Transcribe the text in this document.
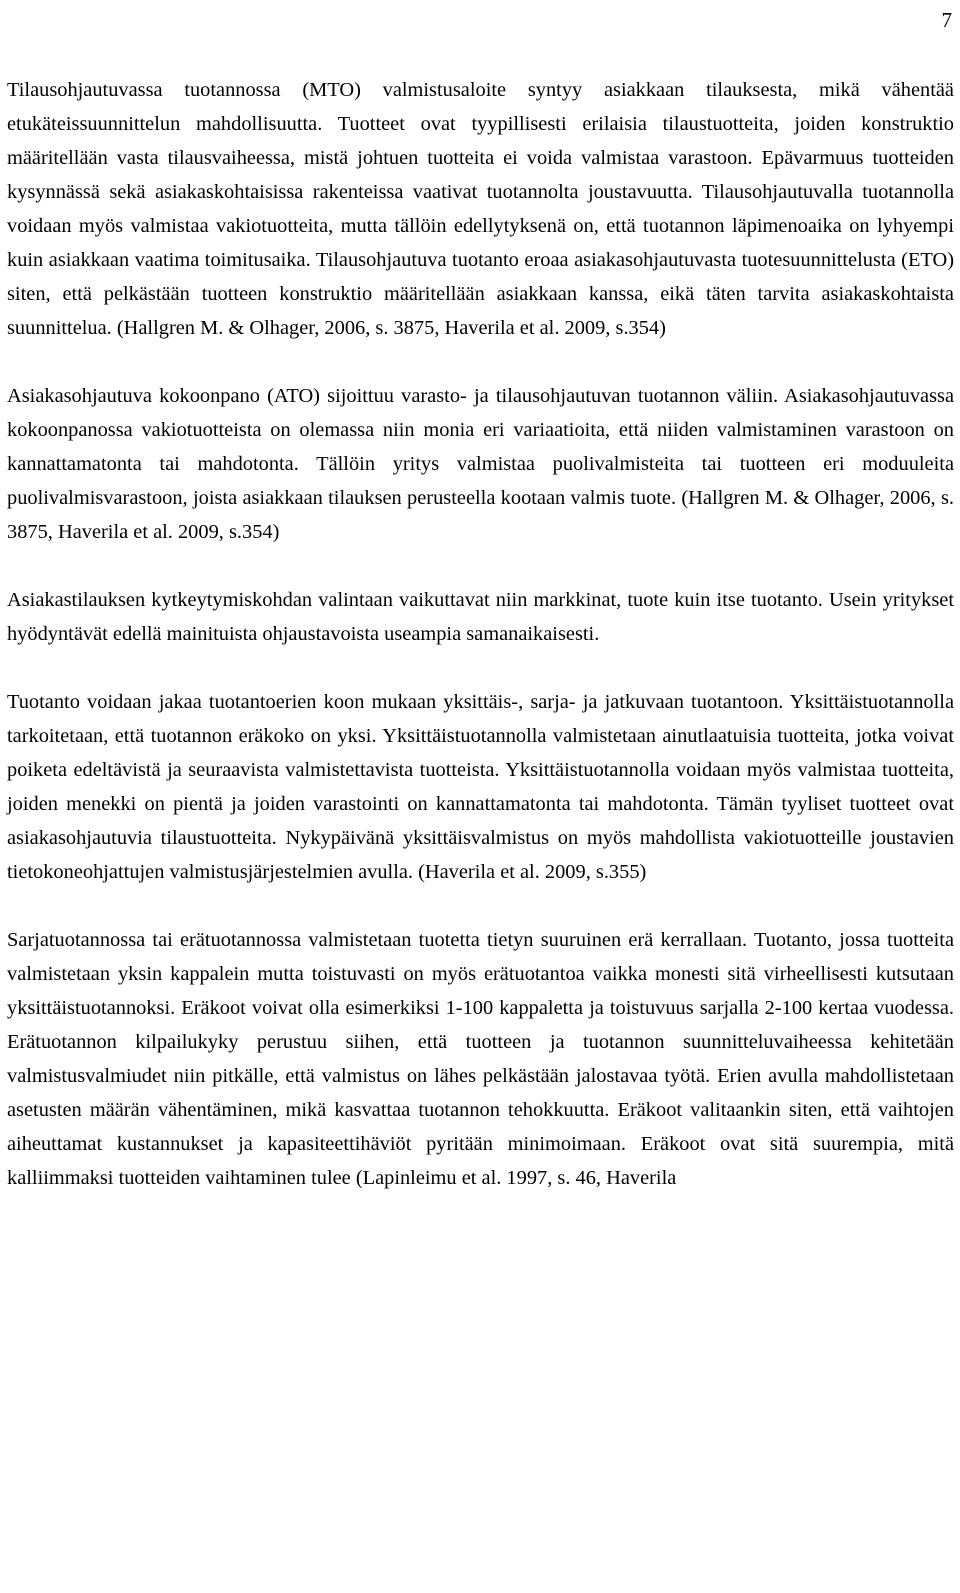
7

Tilausohjautuvassa tuotannossa (MTO) valmistusaloite syntyy asiakkaan tilauksesta, mikä vähentää etukäteissuunnittelun mahdollisuutta. Tuotteet ovat tyypillisesti erilaisia tilaustuotteita, joiden konstruktio määritellään vasta tilausvaiheessa, mistä johtuen tuotteita ei voida valmistaa varastoon. Epävarmuus tuotteiden kysynnässä sekä asiakaskohtaisissa rakenteissa vaativat tuotannolta joustavuutta. Tilausohjautuvalla tuotannolla voidaan myös valmistaa vakiotuotteita, mutta tällöin edellytyksenä on, että tuotannon läpimenoaika on lyhyempi kuin asiakkaan vaatima toimitusaika. Tilausohjautuva tuotanto eroaa asiakasohjautuvasta tuotesuunnittelusta (ETO) siten, että pelkästään tuotteen konstruktio määritellään asiakkaan kanssa, eikä täten tarvita asiakaskohtaista suunnittelua. (Hallgren M. & Olhager, 2006, s. 3875, Haverila et al. 2009, s.354)

Asiakasohjautuva kokoonpano (ATO) sijoittuu varasto- ja tilausohjautuvan tuotannon väliin. Asiakasohjautuvassa kokoonpanossa vakiotuotteista on olemassa niin monia eri variaatioita, että niiden valmistaminen varastoon on kannattamatonta tai mahdotonta. Tällöin yritys valmistaa puolivalmisteita tai tuotteen eri moduuleita puolivalmisvarastoon, joista asiakkaan tilauksen perusteella kootaan valmis tuote. (Hallgren M. & Olhager, 2006, s. 3875, Haverila et al. 2009, s.354)

Asiakastilauksen kytkeytymiskohdan valintaan vaikuttavat niin markkinat, tuote kuin itse tuotanto. Usein yritykset hyödyntävät edellä mainituista ohjaustavoista useampia samanaikaisesti.

Tuotanto voidaan jakaa tuotantoerien koon mukaan yksittäis-, sarja- ja jatkuvaan tuotantoon. Yksittäistuotannolla tarkoitetaan, että tuotannon eräkoko on yksi. Yksittäistuotannolla valmistetaan ainutlaatuisia tuotteita, jotka voivat poiketa edeltävistä ja seuraavista valmistettavista tuotteista. Yksittäistuotannolla voidaan myös valmistaa tuotteita, joiden menekki on pientä ja joiden varastointi on kannattamatonta tai mahdotonta. Tämän tyyliset tuotteet ovat asiakasohjautuvia tilaustuotteita. Nykypäivänä yksittäisvalmistus on myös mahdollista vakiotuotteille joustavien tietokoneohjattujen valmistusjärjestelmien avulla. (Haverila et al. 2009, s.355)

Sarjatuotannossa tai erätuotannossa valmistetaan tuotetta tietyn suuruinen erä kerrallaan. Tuotanto, jossa tuotteita valmistetaan yksin kappalein mutta toistuvasti on myös erätuotantoa vaikka monesti sitä virheellisesti kutsutaan yksittäistuotannoksi. Eräkoot voivat olla esimerkiksi 1-100 kappaletta ja toistuvuus sarjalla 2-100 kertaa vuodessa. Erätuotannon kilpailukyky perustuu siihen, että tuotteen ja tuotannon suunnitteluvaiheessa kehitetään valmistusvalmiudet niin pitkälle, että valmistus on lähes pelkästään jalostavaa työtä. Erien avulla mahdollistetaan asetusten määrän vähentäminen, mikä kasvattaa tuotannon tehokkuutta. Eräkoot valitaankin siten, että vaihtojen aiheuttamat kustannukset ja kapasiteettihäviöt pyritään minimoimaan. Eräkoot ovat sitä suurempia, mitä kalliimmaksi tuotteiden vaihtaminen tulee (Lapinleimu et al. 1997, s. 46, Haverila
